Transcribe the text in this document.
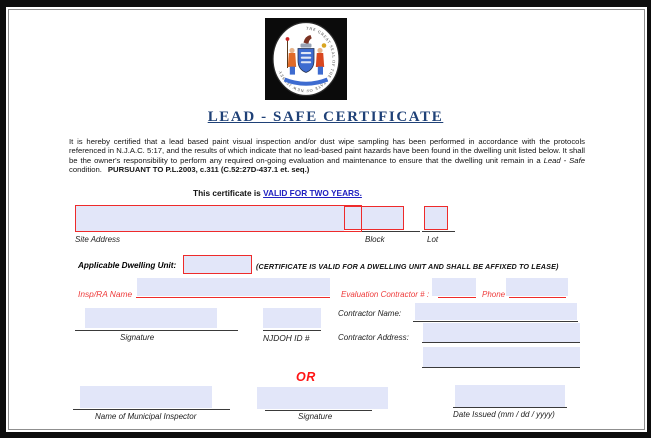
THE GREAT SEAL OF THE STATE OF NEW JERSEY
LEAD - SAFE CERTIFICATE
It is hereby certified that a lead based paint visual inspection and/or dust wipe sampling has been performed in accordance with the protocols referenced in N.J.A.C. 5:17, and the results of which indicate that no lead-based paint hazards have been found in the dwelling unit listed below. It shall be the owner's responsibility to perform any required on-going evaluation and maintenance to ensure that the dwelling unit remain in a Lead - Safe condition. PURSUANT TO P.L.2003, c.311 (C.52:27D-437.1 et. seq.)
This certificate is VALID FOR TWO YEARS.
Site Address	Block	Lot
Applicable Dwelling Unit:	(CERTIFICATE IS VALID FOR A DWELLING UNIT AND SHALL BE AFFIXED TO LEASE)
Insp/RA Name	Evaluation Contractor # :	Phone
Signature	NJDOH ID #
Contractor Name:
Contractor Address:
OR
Name of Municipal Inspector	Signature	Date Issued (mm / dd / yyyy)
